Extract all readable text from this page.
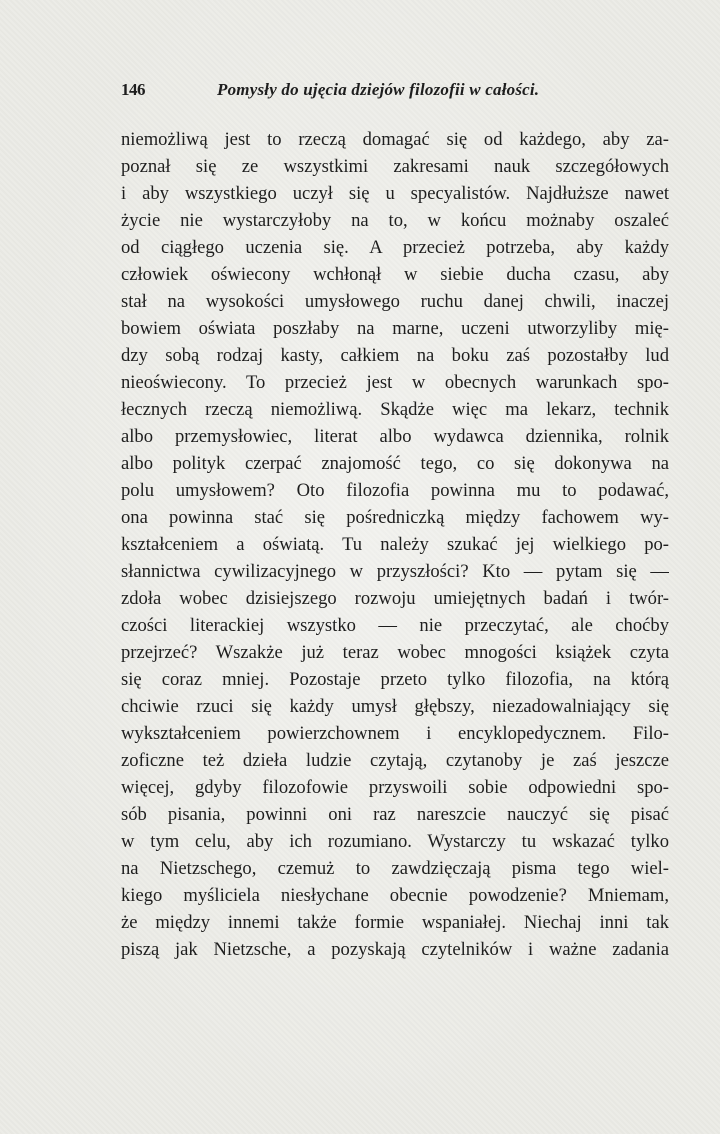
146	Pomysły do ujęcia dziejów filozofii w całości.
niemożliwą jest to rzeczą domagać się od każdego, aby za-
poznał się ze wszystkimi zakresami nauk szczegółowych
i aby wszystkiego uczył się u specyalistów. Najdłuższe nawet
życie nie wystarczyłoby na to, w końcu możnaby oszaleć
od ciągłego uczenia się. A przecież potrzeba, aby każdy
człowiek oświecony wchłonął w siebie ducha czasu, aby
stał na wysokości umysłowego ruchu danej chwili, inaczej
bowiem oświata poszłaby na marne, uczeni utworzyliby mię-
dzy sobą rodzaj kasty, całkiem na boku zaś pozostałby lud
nieoświecony. To przecież jest w obecnych warunkach spo-
łecznych rzeczą niemożliwą. Skądże więc ma lekarz, technik
albo przemysłowiec, literat albo wydawca dziennika, rolnik
albo polityk czerpać znajomość tego, co się dokonywa na
polu umysłowem? Oto filozofia powinna mu to podawać,
ona powinna stać się pośredniczką między fachowem wy-
kształceniem a oświatą. Tu należy szukać jej wielkiego po-
słannictwa cywilizacyjnego w przyszłości? Kto — pytam się —
zdoła wobec dzisiejszego rozwoju umiejętnych badań i twór-
czości literackiej wszystko — nie przeczytać, ale choćby
przejrzeć? Wszakże już teraz wobec mnogości książek czyta
się coraz mniej. Pozostaje przeto tylko filozofia, na którą
chciwie rzuci się każdy umysł głębszy, niezadowalniający się
wykształceniem powierzchownem i encyklopedycznem. Filo-
zoficzne też dzieła ludzie czytają, czytanoby je zaś jeszcze
więcej, gdyby filozofowie przyswoili sobie odpowiedni spo-
sób pisania, powinni oni raz nareszcie nauczyć się pisać
w tym celu, aby ich rozumiano. Wystarczy tu wskazać tylko
na Nietzschego, czemuż to zawdzięczają pisma tego wiel-
kiego myśliciela niesłychane obecnie powodzenie? Mniemam,
że między innemi także formie wspaniałej. Niechaj inni tak
piszą jak Nietzsche, a pozyskają czytelników i ważne zadania
